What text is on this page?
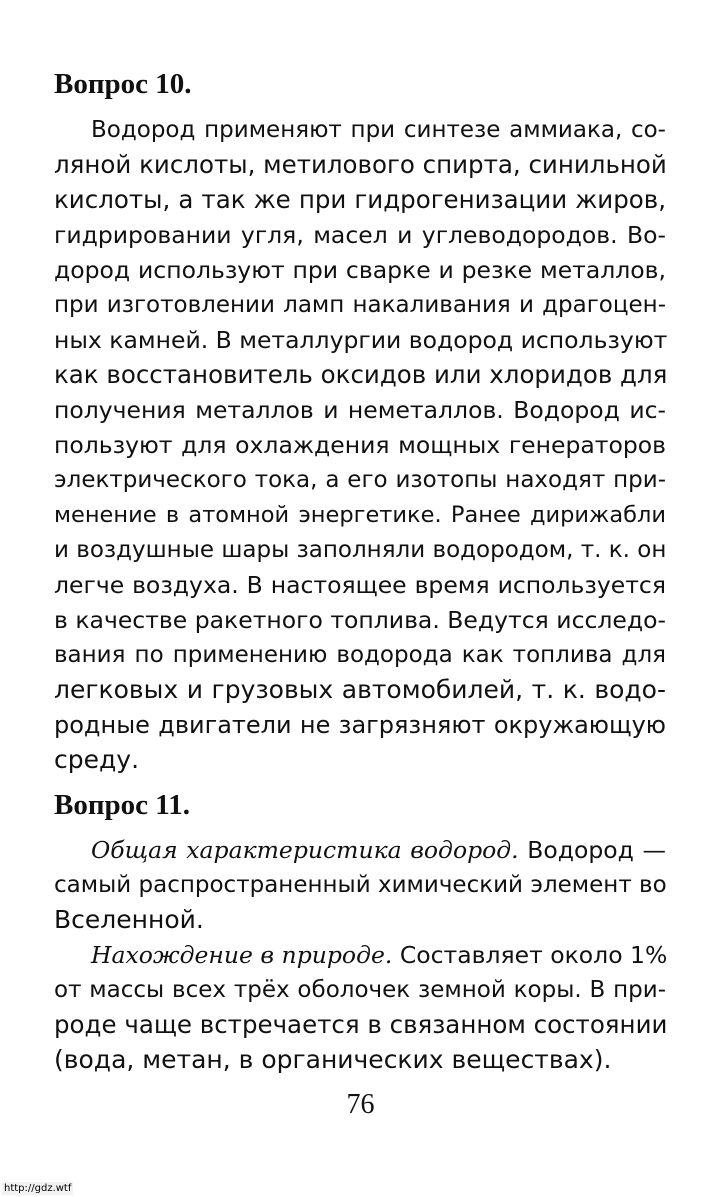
Вопрос 10.

Водород применяют при синтезе аммиака, со-

ляной кислоты, метилового спирта, синильной

кислоты, а так же при гидрогенизации жиров,

гидрировании угля, масел и углеводородов. Во-

дород используют при сварке и резке металлов,

при изготовлении ламп накаливания и драгоцен-

ных камней. В металлургии водород используют

как восстановитель оксидов или хлоридов для

получения металлов и неметаллов. Водород ис-

пользуют для охлаждения мощных генераторов

электрического тока, а его изотопы находят при-

менение в атомной энергетике. Ранее дирижабли

и воздушные шары заполняли водородом, т. к. он

легче воздуха. В настоящее время используется

в качестве ракетного топлива. Ведутся исследо-

вания по применению водорода как топлива для

легковых и грузовых автомобилей, т. к. водо-

родные двигатели не загрязняют окружающую

среду.

Вопрос 11.

Общая характеристика водород. Водород —

самый распространенный химический элемент во

Вселенной.

Нахождение в природе. Составляет около 1%

от массы всех трёх оболочек земной коры. В при-

роде чаще встречается в связанном состоянии

(вода, метан, в органических веществах).

76
http://gdz.wtf
